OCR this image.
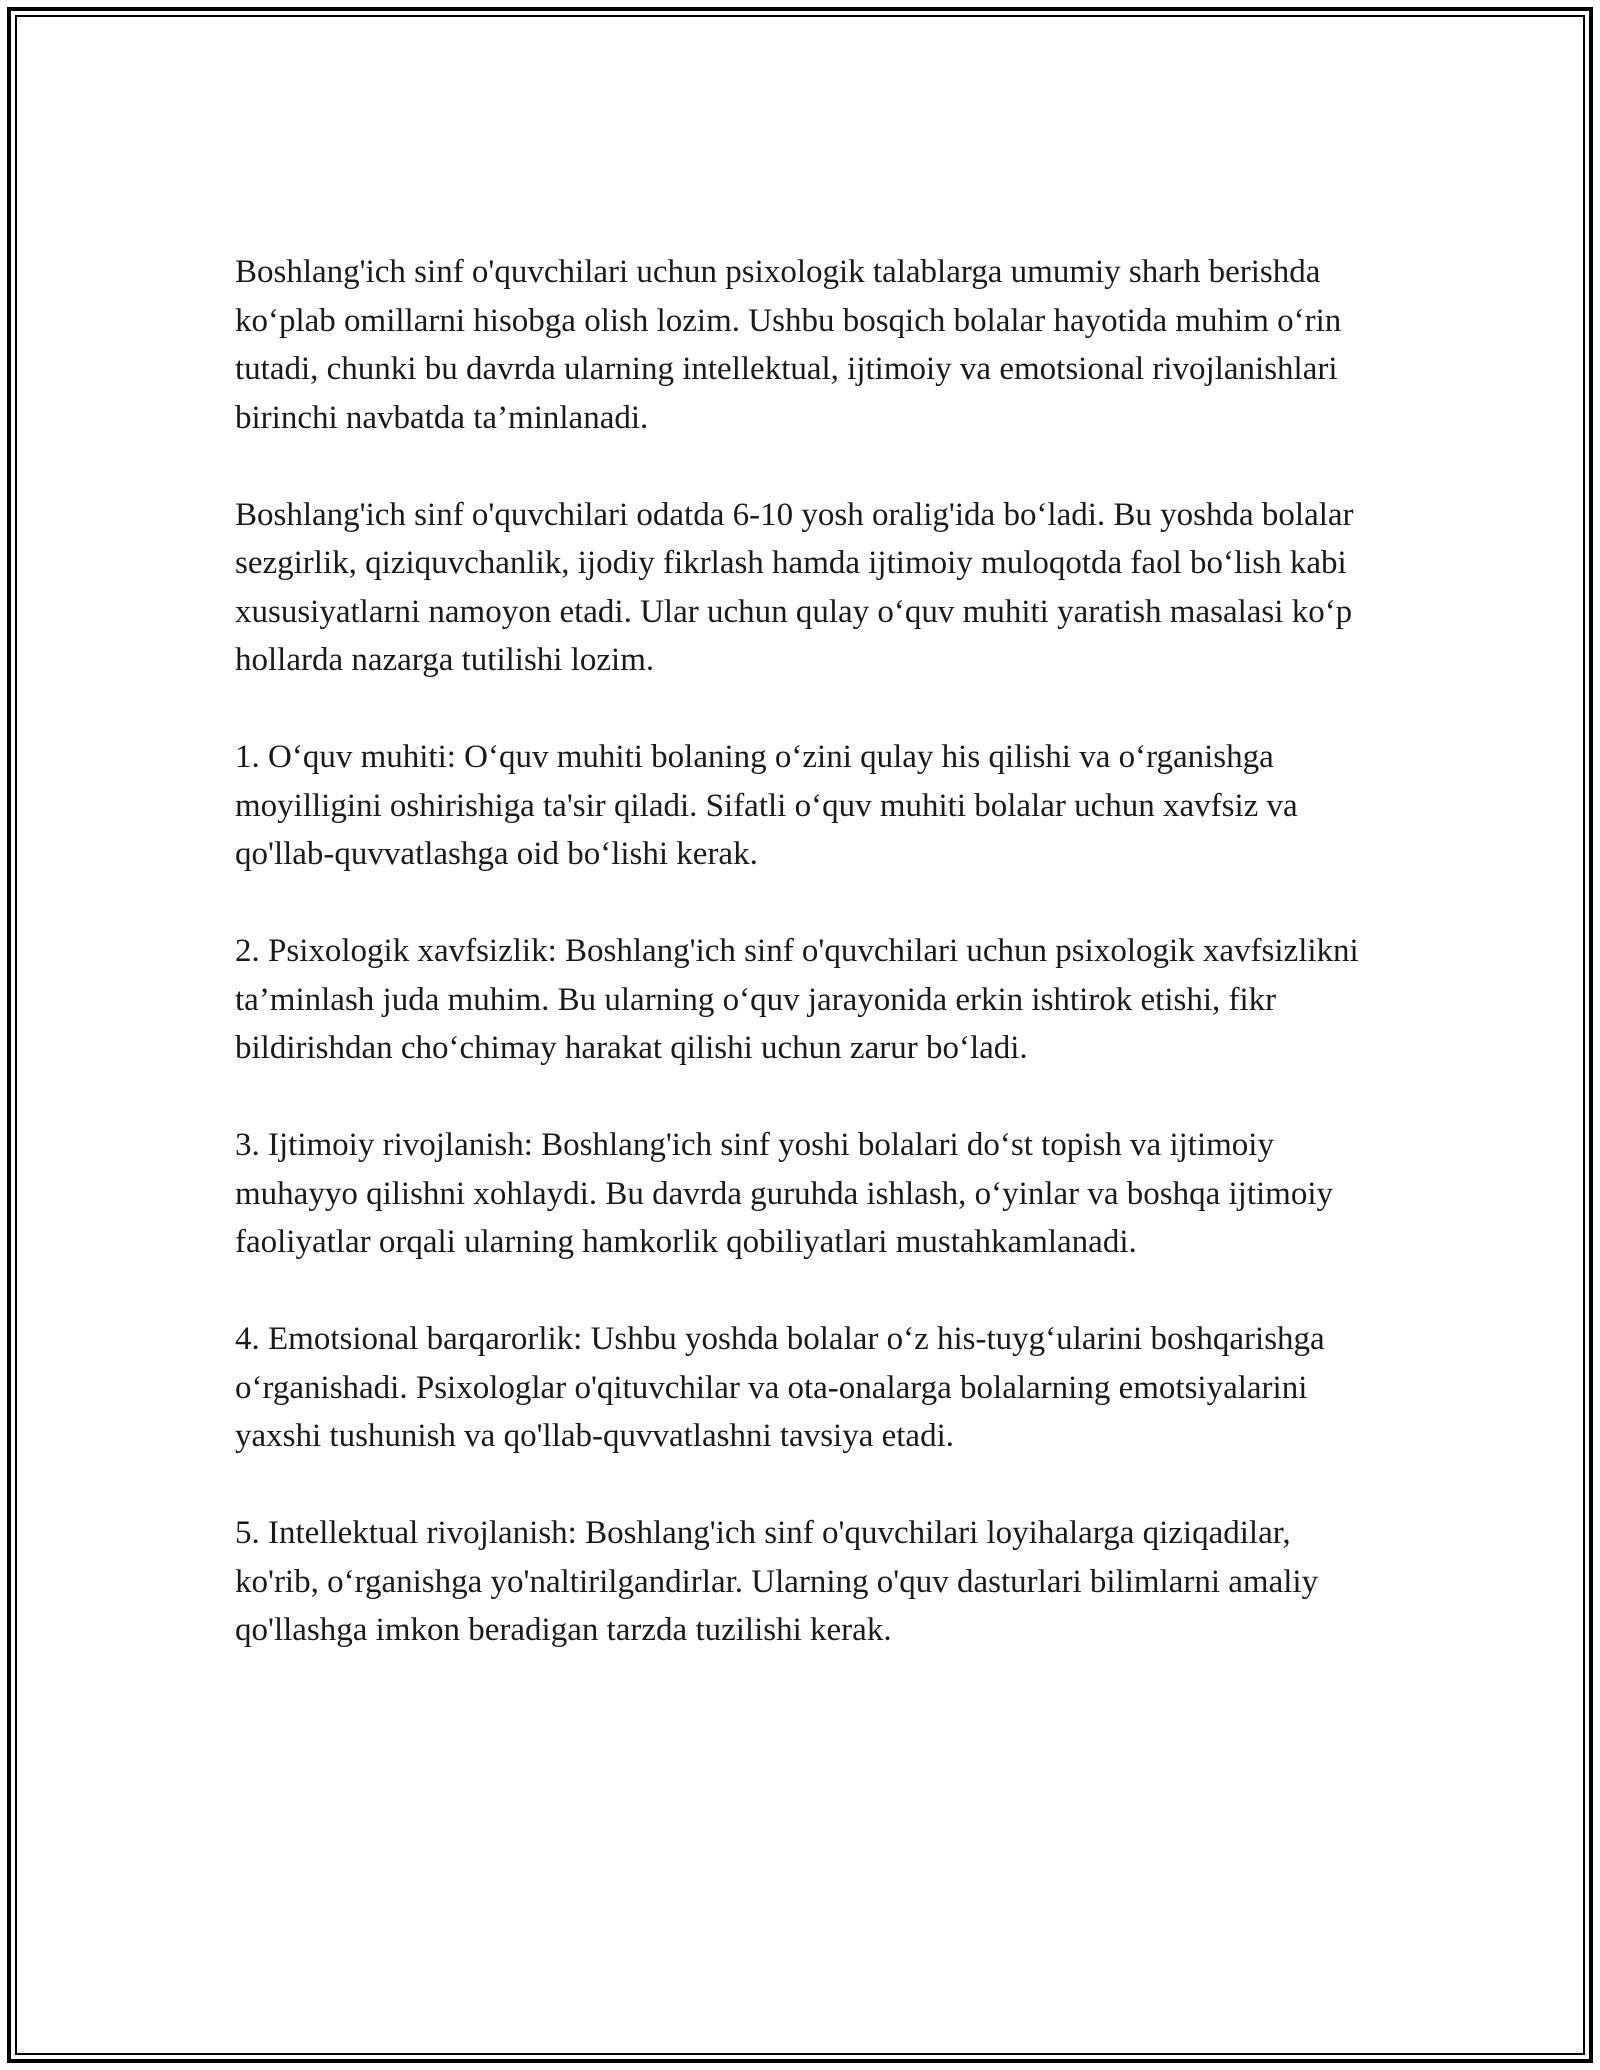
Boshlang'ich sinf o'quvchilari uchun psixologik talablarga umumiy sharh berishda ko‘plab omillarni hisobga olish lozim. Ushbu bosqich bolalar hayotida muhim o‘rin tutadi, chunki bu davrda ularning intellektual, ijtimoiy va emotsional rivojlanishlari birinchi navbatda ta’minlanadi.

Boshlang'ich sinf o'quvchilari odatda 6-10 yosh oralig'ida bo‘ladi. Bu yoshda bolalar sezgirlik, qiziquvchanlik, ijodiy fikrlash hamda ijtimoiy muloqotda faol bo‘lish kabi xususiyatlarni namoyon etadi. Ular uchun qulay o‘quv muhiti yaratish masalasi ko‘p hollarda nazarga tutilishi lozim.

1. O‘quv muhiti: O‘quv muhiti bolaning o‘zini qulay his qilishi va o‘rganishga moyilligini oshirishiga ta'sir qiladi. Sifatli o‘quv muhiti bolalar uchun xavfsiz va qo'llab-quvvatlashga oid bo‘lishi kerak.

2. Psixologik xavfsizlik: Boshlang'ich sinf o'quvchilari uchun psixologik xavfsizlikni ta’minlash juda muhim. Bu ularning o‘quv jarayonida erkin ishtirok etishi, fikr bildirishdan cho‘chimay harakat qilishi uchun zarur bo‘ladi.

3. Ijtimoiy rivojlanish: Boshlang'ich sinf yoshi bolalari do‘st topish va ijtimoiy muhayyo qilishni xohlaydi. Bu davrda guruhda ishlash, o‘yinlar va boshqa ijtimoiy faoliyatlar orqali ularning hamkorlik qobiliyatlari mustahkamlanadi.

4. Emotsional barqarorlik: Ushbu yoshda bolalar o‘z his-tuyg‘ularini boshqarishga o‘rganishadi. Psixologlar o'qituvchilar va ota-onalarga bolalarning emotsiyalarini yaxshi tushunish va qo'llab-quvvatlashni tavsiya etadi.

5. Intellektual rivojlanish: Boshlang'ich sinf o'quvchilari loyihalarga qiziqadilar, ko'rib, o‘rganishga yo'naltirilgandirlar. Ularning o'quv dasturlari bilimlarni amaliy qo'llashga imkon beradigan tarzda tuzilishi kerak.
